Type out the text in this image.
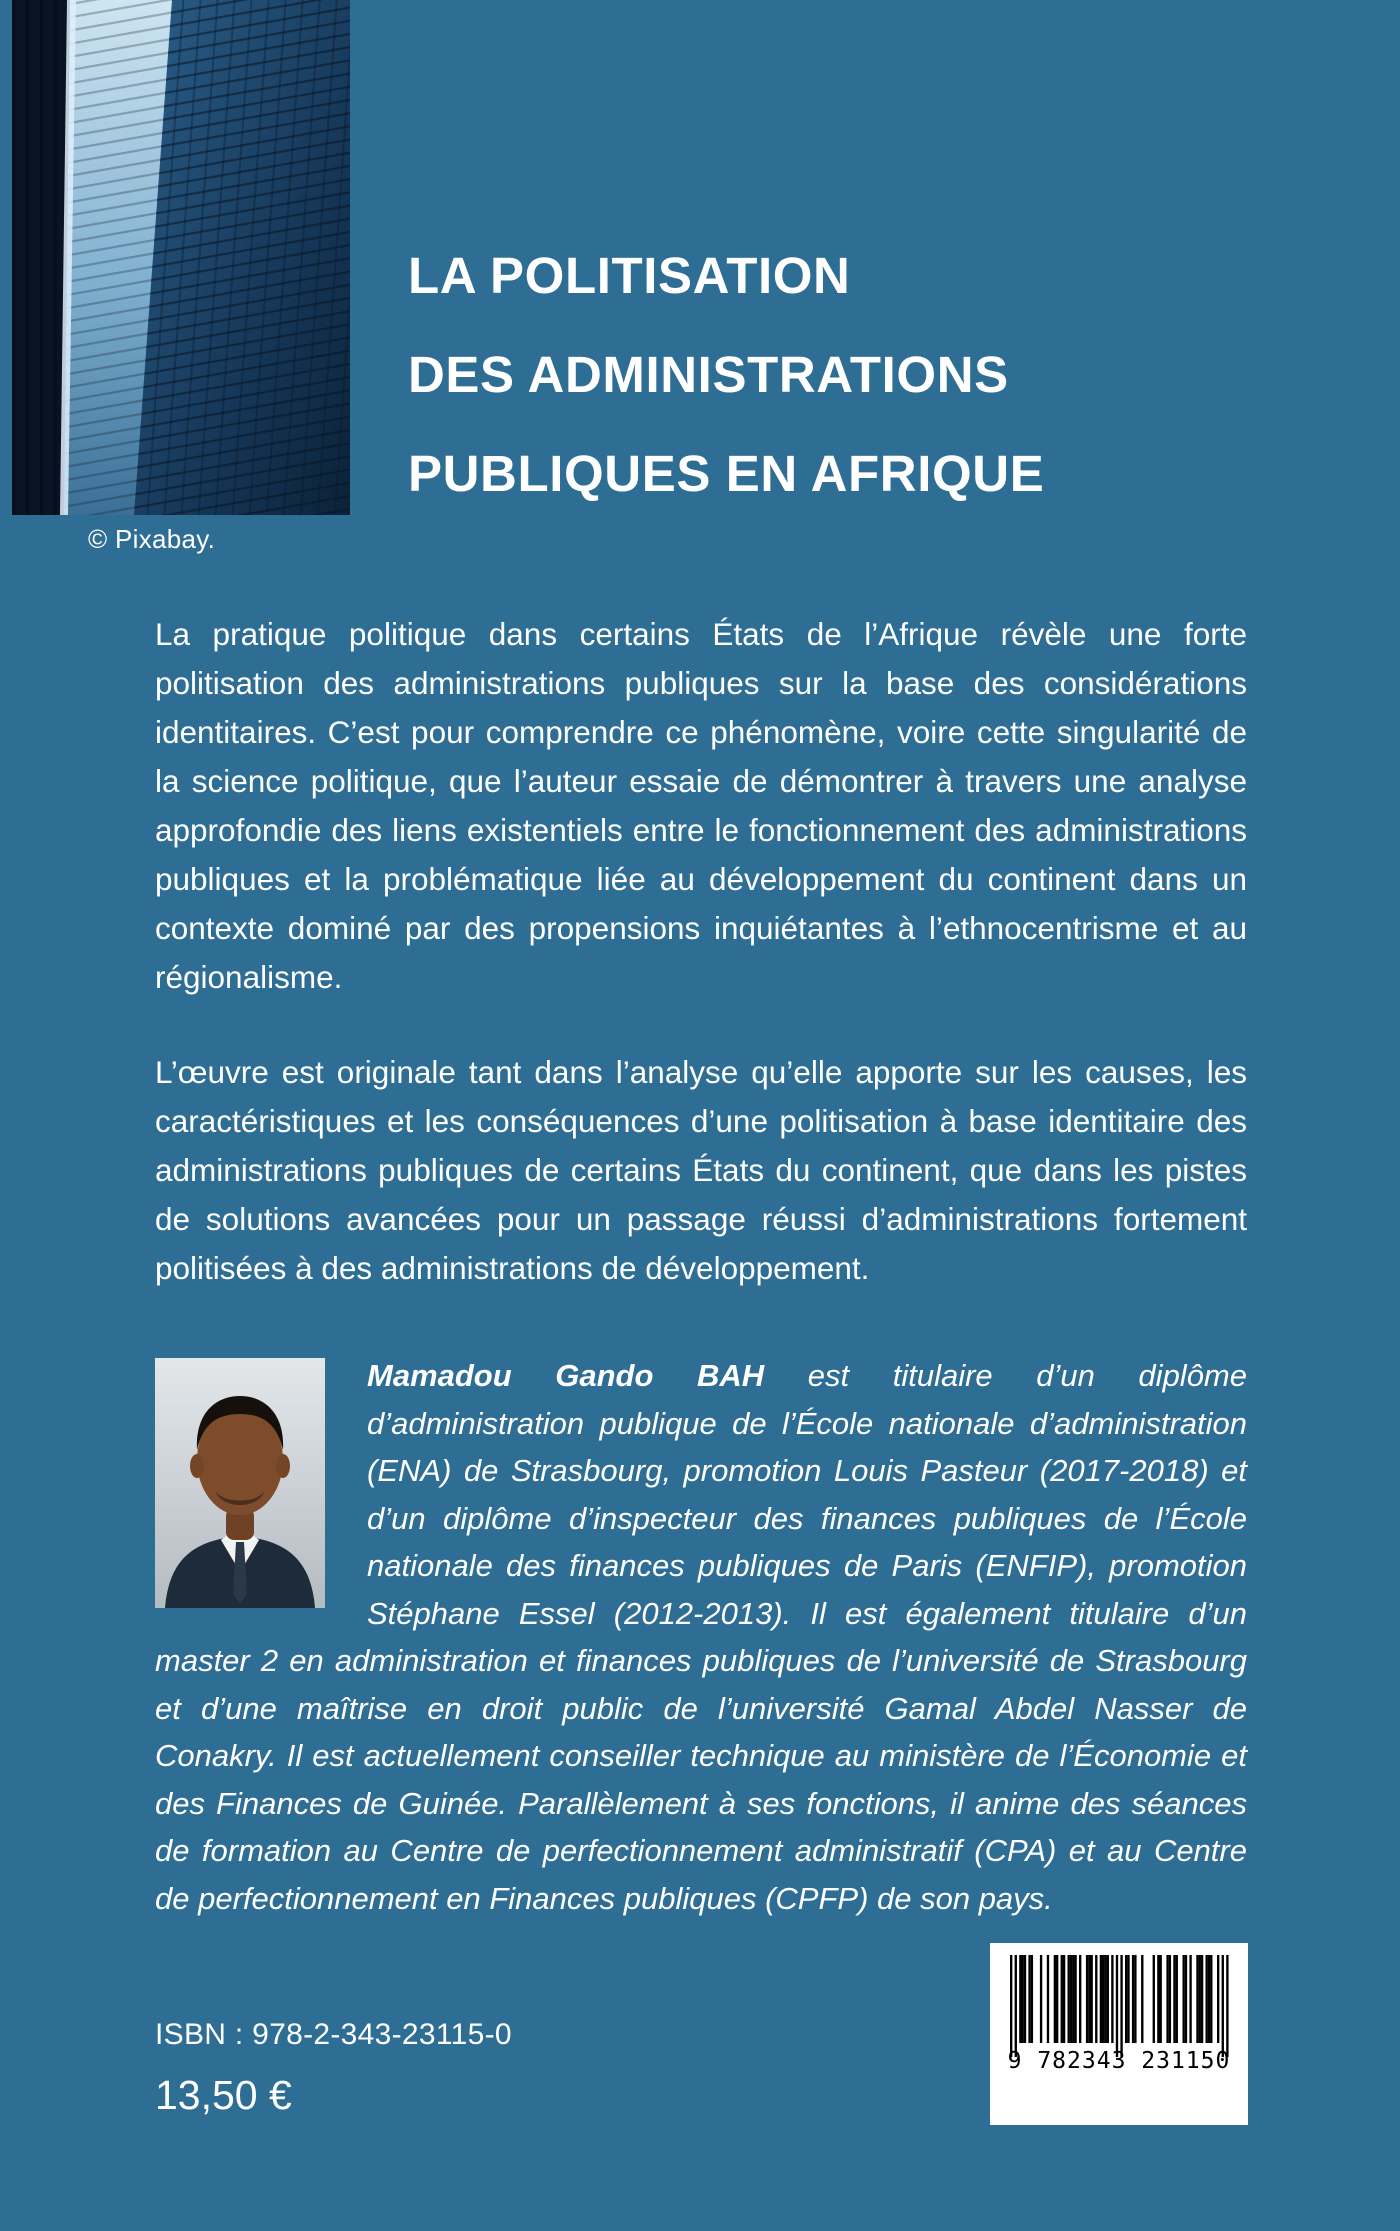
© Pixabay.
LA POLITISATION
DES ADMINISTRATIONS
PUBLIQUES EN AFRIQUE

La pratique politique dans certains États de l’Afrique révèle une forte politisation des administrations publiques sur la base des considérations identitaires. C’est pour comprendre ce phénomène, voire cette singularité de la science politique, que l’auteur essaie de démontrer à travers une analyse approfondie des liens existentiels entre le fonctionnement des administrations publiques et la problématique liée au développement du continent dans un contexte dominé par des propensions inquiétantes à l’ethnocentrisme et au régionalisme.

L’œuvre est originale tant dans l’analyse qu’elle apporte sur les causes, les caractéristiques et les conséquences d’une politisation à base identitaire des administrations publiques de certains États du continent, que dans les pistes de solutions avancées pour un passage réussi d’administrations fortement politisées à des administrations de développement.

Mamadou Gando BAH est titulaire d’un diplôme d’administration publique de l’École nationale d’administration (ENA) de Strasbourg, promotion Louis Pasteur (2017-2018) et d’un diplôme d’inspecteur des finances publiques de l’École nationale des finances publiques de Paris (ENFIP), promotion Stéphane Essel (2012-2013). Il est également titulaire d’un master 2 en administration et finances publiques de l’université de Strasbourg et d’une maîtrise en droit public de l’université Gamal Abdel Nasser de Conakry. Il est actuellement conseiller technique au ministère de l’Économie et des Finances de Guinée. Parallèlement à ses fonctions, il anime des séances de formation au Centre de perfectionnement administratif (CPA) et au Centre de perfectionnement en Finances publiques (CPFP) de son pays.
ISBN : 978-2-343-23115-0
13,50 €
9 782343 231150
